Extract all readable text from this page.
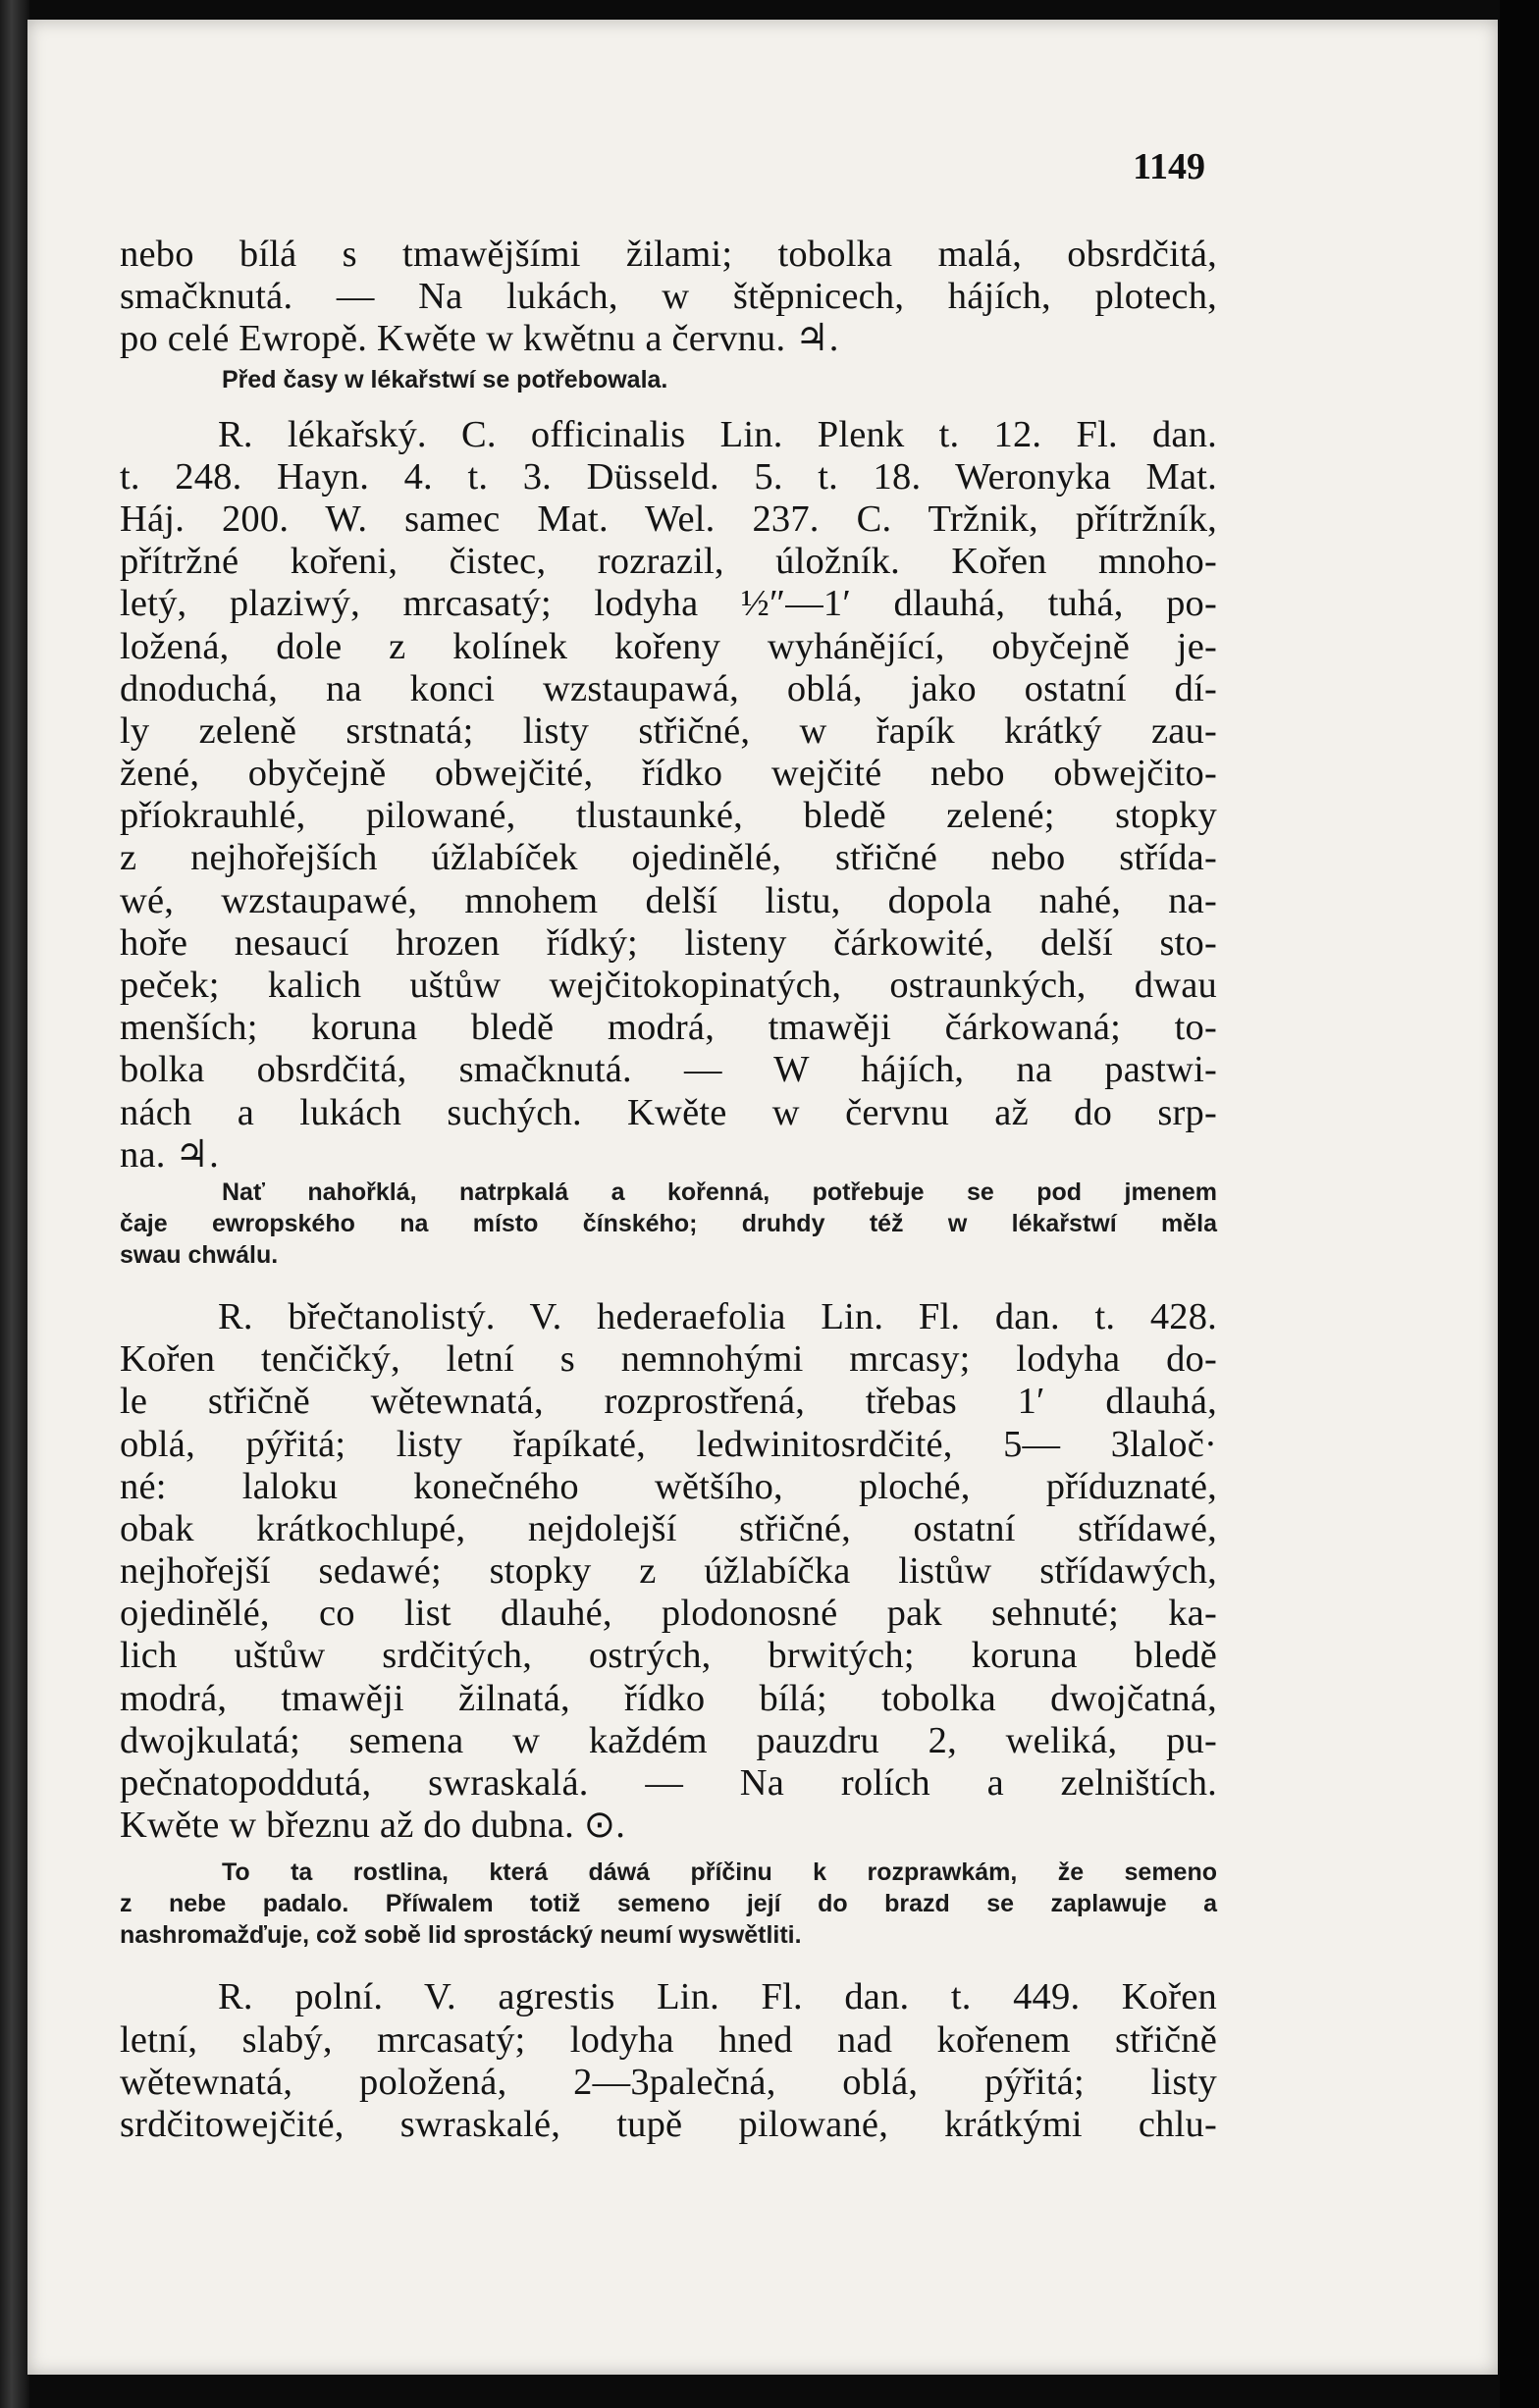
1149
nebo bílá s tmawějšími žilami; tobolka malá, obsrdčitá,
smačknutá. — Na lukách, w štěpnicech, hájích, plotech,
po celé Ewropě. Kwěte w kwětnu a červnu. ♃.
Před časy w lékařstwí se potřebowala.
R. lékařský. C. officinalis Lin. Plenk t. 12. Fl. dan.
t. 248. Hayn. 4. t. 3. Düsseld. 5. t. 18. Weronyka Mat.
Háj. 200. W. samec Mat. Wel. 237. C. Tržnik, přítržník,
přítržné kořeni, čistec, rozrazil, úložník. Kořen mnoho-
letý, plaziwý, mrcasatý; lodyha ½″—1′ dlauhá, tuhá, po-
ložená, dole z kolínek kořeny wyhánějící, obyčejně je-
dnoduchá, na konci wzstaupawá, oblá, jako ostatní dí-
ly zeleně srstnatá; listy střičné, w řapík krátký zau-
žené, obyčejně obwejčité, řídko wejčité nebo obwejčito-
příokrauhlé, pilowané, tlustaunké, bledě zelené; stopky
z nejhořejších úžlabíček ojedinělé, střičné nebo střída-
wé, wzstaupawé, mnohem delší listu, dopola nahé, na-
hoře nesaucí hrozen řídký; listeny čárkowité, delší sto-
peček; kalich uštůw wejčitokopinatých, ostraunkých, dwau
menších; koruna bledě modrá, tmawěji čárkowaná; to-
bolka obsrdčitá, smačknutá. — W hájích, na pastwi-
nách a lukách suchých. Kwěte w červnu až do srp-
na. ♃.
Nať nahořklá, natrpkalá a kořenná, potřebuje se pod jmenem
čaje ewropského na místo čínského; druhdy též w lékařstwí měla
swau chwálu.
R. břečtanolistý. V. hederaefolia Lin. Fl. dan. t. 428.
Kořen tenčičký, letní s nemnohými mrcasy; lodyha do-
le střičně wětewnatá, rozprostřená, třebas 1′ dlauhá,
oblá, pýřitá; listy řapíkaté, ledwinitosrdčité, 5— 3laloč·
né: laloku konečného wětšího, ploché, příduznaté,
obak krátkochlupé, nejdolejší střičné, ostatní střídawé,
nejhořejší sedawé; stopky z úžlabíčka listůw střídawých,
ojedinělé, co list dlauhé, plodonosné pak sehnuté; ka-
lich uštůw srdčitých, ostrých, brwitých; koruna bledě
modrá, tmawěji žilnatá, řídko bílá; tobolka dwojčatná,
dwojkulatá; semena w každém pauzdru 2, weliká, pu-
pečnatopoddutá, swraskalá. — Na rolích a zelništích.
Kwěte w březnu až do dubna. ⊙.
To ta rostlina, která dáwá příčinu k rozprawkám, že semeno
z nebe padalo. Příwalem totiž semeno její do brazd se zaplawuje a
nashromažďuje, což sobě lid sprostácký neumí wyswětliti.
R. polní. V. agrestis Lin. Fl. dan. t. 449. Kořen
letní, slabý, mrcasatý; lodyha hned nad kořenem střičně
wětewnatá, položená, 2—3palečná, oblá, pýřitá; listy
srdčitowejčité, swraskalé, tupě pilowané, krátkými chlu-
